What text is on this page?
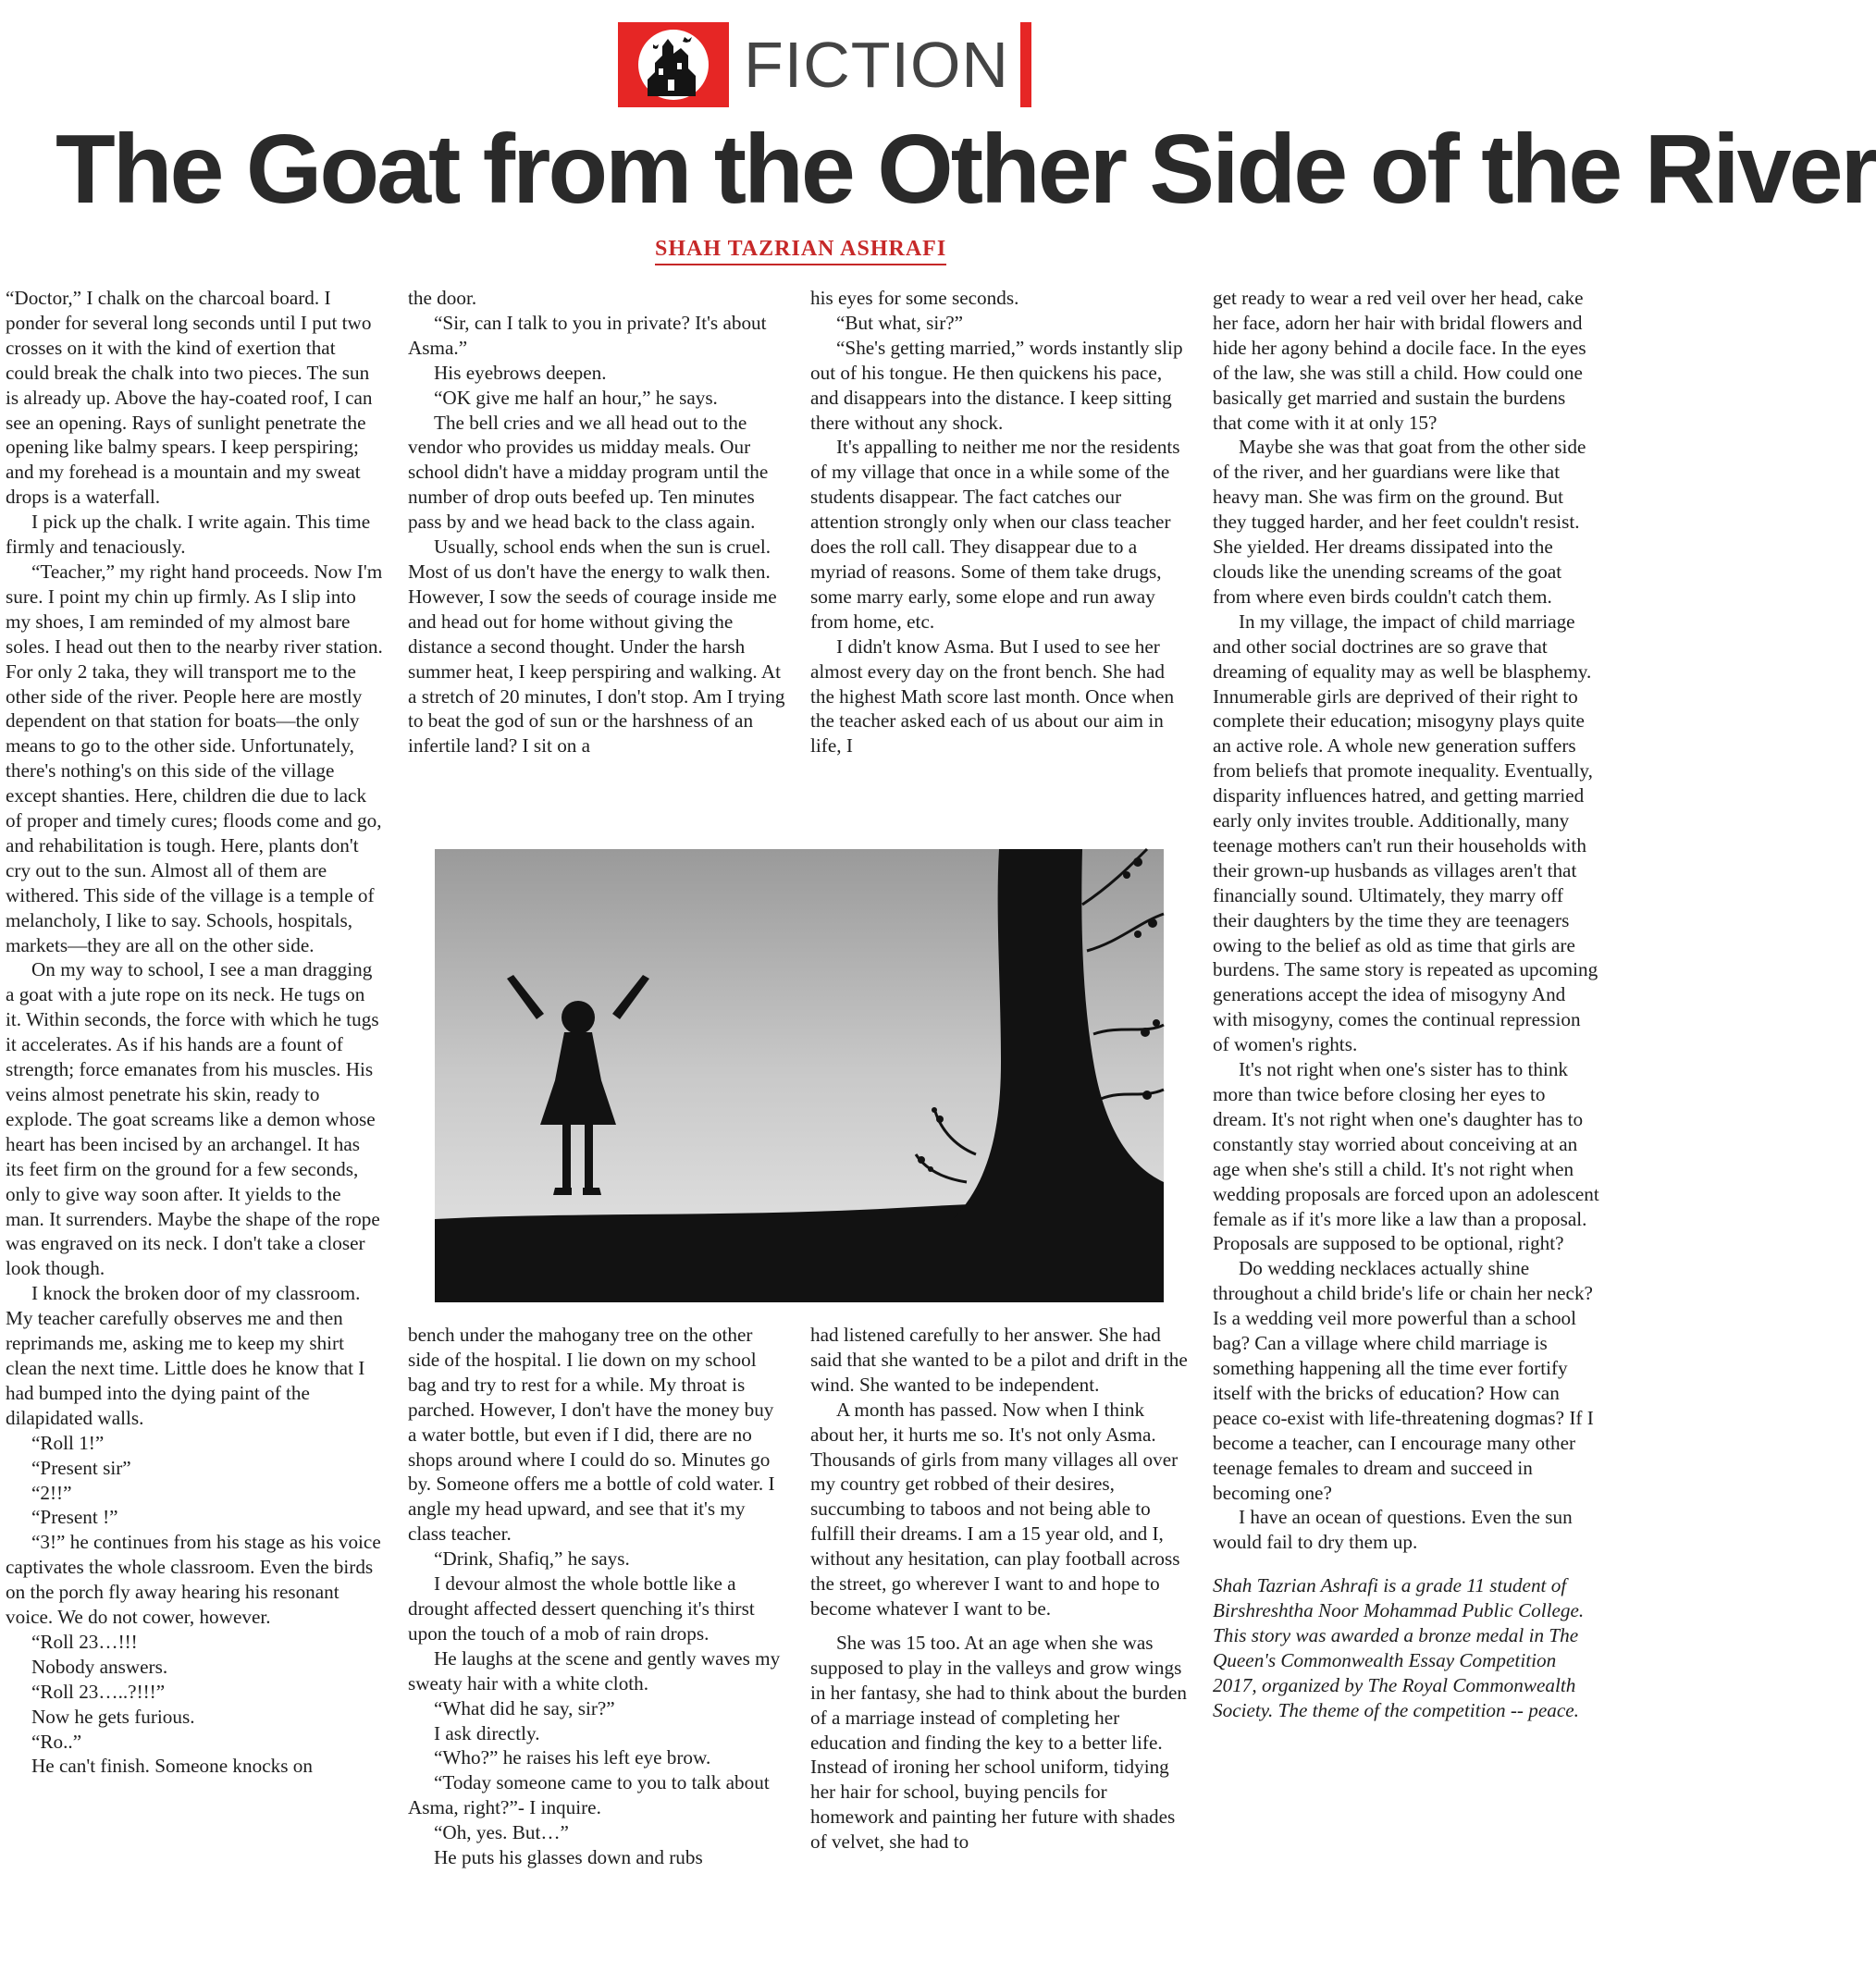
FICTION
The Goat from the Other Side of the River
SHAH TAZRIAN ASHRAFI

“Doctor,” I chalk on the charcoal board. I ponder for several long seconds until I put two crosses on it with the kind of exertion that could break the chalk into two pieces. The sun is already up. Above the hay-coated roof, I can see an opening. Rays of sunlight penetrate the opening like balmy spears. I keep perspiring; and my forehead is a mountain and my sweat drops is a waterfall.

I pick up the chalk. I write again. This time firmly and tenaciously.

“Teacher,” my right hand proceeds. Now I'm sure. I point my chin up firmly. As I slip into my shoes, I am reminded of my almost bare soles. I head out then to the nearby river station. For only 2 taka, they will transport me to the other side of the river. People here are mostly dependent on that station for boats—the only means to go to the other side. Unfortunately, there's nothing's on this side of the village except shanties. Here, children die due to lack of proper and timely cures; floods come and go, and rehabilitation is tough. Here, plants don't cry out to the sun. Almost all of them are withered. This side of the village is a temple of melancholy, I like to say. Schools, hospitals, markets—they are all on the other side.

On my way to school, I see a man dragging a goat with a jute rope on its neck. He tugs on it. Within seconds, the force with which he tugs it accelerates. As if his hands are a fount of strength; force emanates from his muscles. His veins almost penetrate his skin, ready to explode. The goat screams like a demon whose heart has been incised by an archangel. It has its feet firm on the ground for a few seconds, only to give way soon after. It yields to the man. It surrenders. Maybe the shape of the rope was engraved on its neck. I don't take a closer look though.

I knock the broken door of my classroom. My teacher carefully observes me and then reprimands me, asking me to keep my shirt clean the next time. Little does he know that I had bumped into the dying paint of the dilapidated walls.

“Roll 1!”

“Present sir”

“2!!”

“Present !”

“3!” he continues from his stage as his voice captivates the whole classroom. Even the birds on the porch fly away hearing his resonant voice. We do not cower, however.

“Roll 23…!!!

Nobody answers.

“Roll 23…..?!!!”

Now he gets furious.

“Ro..”

He can't finish. Someone knocks on

the door.

“Sir, can I talk to you in private? It's about Asma.”

His eyebrows deepen.

“OK give me half an hour,” he says.

The bell cries and we all head out to the vendor who provides us midday meals. Our school didn't have a midday program until the number of drop outs beefed up. Ten minutes pass by and we head back to the class again.

Usually, school ends when the sun is cruel. Most of us don't have the energy to walk then. However, I sow the seeds of courage inside me and head out for home without giving the distance a second thought. Under the harsh summer heat, I keep perspiring and walking. At a stretch of 20 minutes, I don't stop. Am I trying to beat the god of sun or the harshness of an infertile land? I sit on a

his eyes for some seconds.

“But what, sir?”

“She's getting married,” words instantly slip out of his tongue. He then quickens his pace, and disappears into the distance. I keep sitting there without any shock.

It's appalling to neither me nor the residents of my village that once in a while some of the students disappear. The fact catches our attention strongly only when our class teacher does the roll call. They disappear due to a myriad of reasons. Some of them take drugs, some marry early, some elope and run away from home, etc.

I didn't know Asma. But I used to see her almost every day on the front bench. She had the highest Math score last month. Once when the teacher asked each of us about our aim in life, I

bench under the mahogany tree on the other side of the hospital. I lie down on my school bag and try to rest for a while. My throat is parched. However, I don't have the money buy a water bottle, but even if I did, there are no shops around where I could do so. Minutes go by. Someone offers me a bottle of cold water. I angle my head upward, and see that it's my class teacher.

“Drink, Shafiq,” he says.

I devour almost the whole bottle like a drought affected dessert quenching it's thirst upon the touch of a mob of rain drops.

He laughs at the scene and gently waves my sweaty hair with a white cloth.

“What did he say, sir?”

I ask directly.

“Who?” he raises his left eye brow.

“Today someone came to you to talk about Asma, right?”- I inquire.

“Oh, yes. But…”

He puts his glasses down and rubs

had listened carefully to her answer. She had said that she wanted to be a pilot and drift in the wind. She wanted to be independent.

A month has passed. Now when I think about her, it hurts me so. It's not only Asma. Thousands of girls from many villages all over my country get robbed of their desires, succumbing to taboos and not being able to fulfill their dreams. I am a 15 year old, and I, without any hesitation, can play football across the street, go wherever I want to and hope to become whatever I want to be.

She was 15 too. At an age when she was supposed to play in the valleys and grow wings in her fantasy, she had to think about the burden of a marriage instead of completing her education and finding the key to a better life. Instead of ironing her school uniform, tidying her hair for school, buying pencils for homework and painting her future with shades of velvet, she had to

get ready to wear a red veil over her head, cake her face, adorn her hair with bridal flowers and hide her agony behind a docile face. In the eyes of the law, she was still a child. How could one basically get married and sustain the burdens that come with it at only 15?

Maybe she was that goat from the other side of the river, and her guardians were like that heavy man. She was firm on the ground. But they tugged harder, and her feet couldn't resist. She yielded. Her dreams dissipated into the clouds like the unending screams of the goat from where even birds couldn't catch them.

In my village, the impact of child marriage and other social doctrines are so grave that dreaming of equality may as well be blasphemy. Innumerable girls are deprived of their right to complete their education; misogyny plays quite an active role. A whole new generation suffers from beliefs that promote inequality. Eventually, disparity influences hatred, and getting married early only invites trouble. Additionally, many teenage mothers can't run their households with their grown-up husbands as villages aren't that financially sound. Ultimately, they marry off their daughters by the time they are teenagers owing to the belief as old as time that girls are burdens. The same story is repeated as upcoming generations accept the idea of misogyny And with misogyny, comes the continual repression of women's rights.

It's not right when one's sister has to think more than twice before closing her eyes to dream. It's not right when one's daughter has to constantly stay worried about conceiving at an age when she's still a child. It's not right when wedding proposals are forced upon an adolescent female as if it's more like a law than a proposal. Proposals are supposed to be optional, right?

Do wedding necklaces actually shine throughout a child bride's life or chain her neck? Is a wedding veil more powerful than a school bag? Can a village where child marriage is something happening all the time ever fortify itself with the bricks of education? How can peace co-exist with life-threatening dogmas? If I become a teacher, can I encourage many other teenage females to dream and succeed in becoming one?

I have an ocean of questions. Even the sun would fail to dry them up.

Shah Tazrian Ashrafi is a grade 11 student of Birshreshtha Noor Mohammad Public College. This story was awarded a bronze medal in The Queen's Commonwealth Essay Competition 2017, organized by The Royal Commonwealth Society. The theme of the competition -- peace.
